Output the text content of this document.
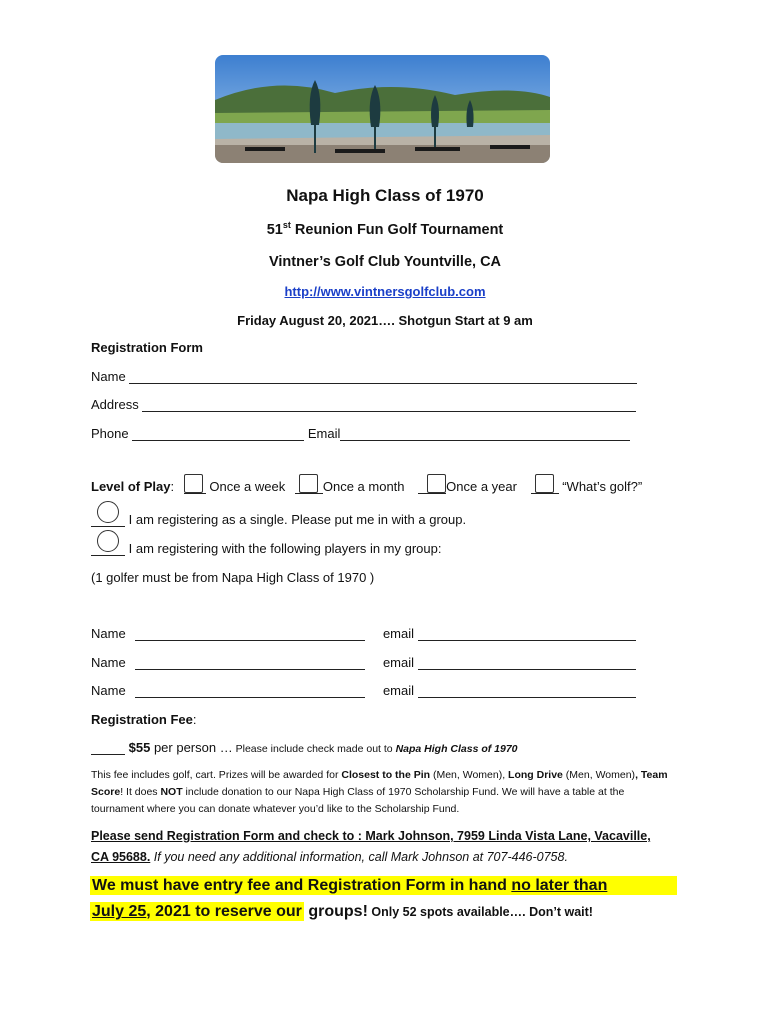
Napa High Class of 1970
51st Reunion Fun Golf Tournament
Vintner’s Golf Club Yountville, CA
http://www.vintnersgolfclub.com
Friday August 20, 2021…. Shotgun Start at 9 am
Registration Form
Name
Address
Phone	Email
Level of Play:	Once a week	Once a month	Once a year	“What’s golf?”
I am registering as a single. Please put me in with a group.
I am registering with the following players in my group:
(1 golfer must be from Napa High Class of 1970 )
Name	email
Name	email
Name	email
Registration Fee:
$55 per person … Please include check made out to Napa High Class of 1970
This fee includes golf, cart. Prizes will be awarded for Closest to the Pin (Men, Women), Long Drive (Men, Women), Team Score! It does NOT include donation to our Napa High Class of 1970 Scholarship Fund. We will have a table at the tournament where you can donate whatever you’d like to the Scholarship Fund.
Please send Registration Form and check to : Mark Johnson, 7959 Linda Vista Lane, Vacaville,
CA 95688. If you need any additional information, call Mark Johnson at 707-446-0758.
We must have entry fee and Registration Form in hand no later than
July 25, 2021 to reserve our groups! Only 52 spots available…. Don’t wait!
